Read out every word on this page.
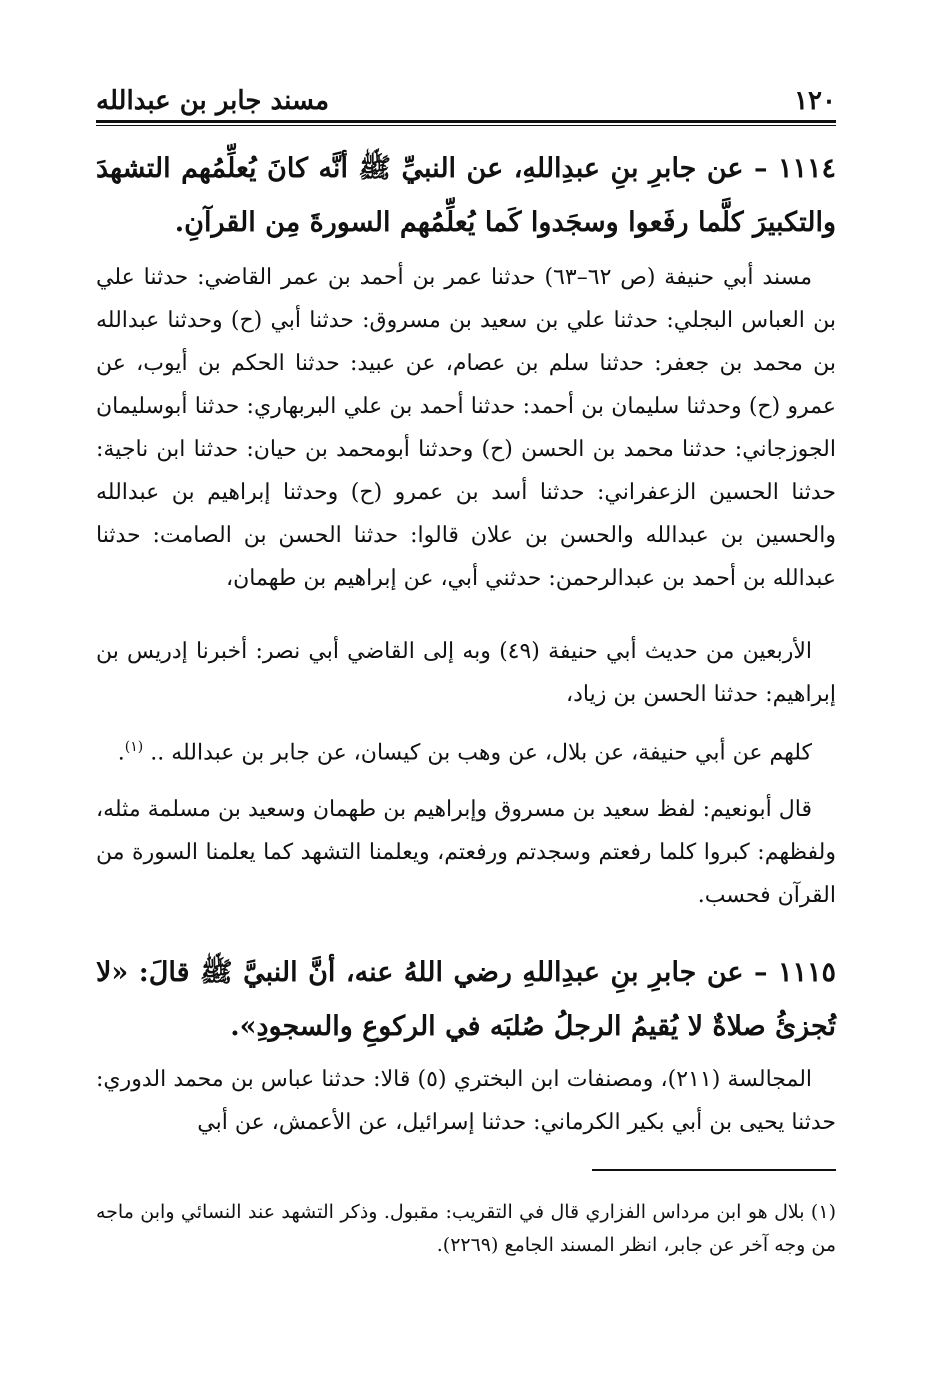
مسند جابر بن عبدالله	١٢٠
١١١٤ – عن جابرِ بنِ عبدِاللهِ، عن النبيِّ ﷺ أنَّه كانَ يُعلِّمُهم التشهدَ والتكبيرَ كلَّما رفَعوا وسجَدوا كَما يُعلِّمُهم السورةَ مِن القرآنِ.
مسند أبي حنيفة (ص ٦٢–٦٣) حدثنا عمر بن أحمد بن عمر القاضي: حدثنا علي بن العباس البجلي: حدثنا علي بن سعيد بن مسروق: حدثنا أبي (ح) وحدثنا عبدالله بن محمد بن جعفر: حدثنا سلم بن عصام، عن عبيد: حدثنا الحكم بن أيوب، عن عمرو (ح) وحدثنا سليمان بن أحمد: حدثنا أحمد بن علي البربهاري: حدثنا أبوسليمان الجوزجاني: حدثنا محمد بن الحسن (ح) وحدثنا أبومحمد بن حيان: حدثنا ابن ناجية: حدثنا الحسين الزعفراني: حدثنا أسد بن عمرو (ح) وحدثنا إبراهيم بن عبدالله والحسين بن عبدالله والحسن بن علان قالوا: حدثنا الحسن بن الصامت: حدثنا عبدالله بن أحمد بن عبدالرحمن: حدثني أبي، عن إبراهيم بن طهمان،
الأربعين من حديث أبي حنيفة (٤٩) وبه إلى القاضي أبي نصر: أخبرنا إدريس بن إبراهيم: حدثنا الحسن بن زياد،
كلهم عن أبي حنيفة، عن بلال، عن وهب بن كيسان، عن جابر بن عبدالله .. $^{(١)}$.
قال أبونعيم: لفظ سعيد بن مسروق وإبراهيم بن طهمان وسعيد بن مسلمة مثله، ولفظهم: كبروا كلما رفعتم وسجدتم ورفعتم، ويعلمنا التشهد كما يعلمنا السورة من القرآن فحسب.
١١١٥ – عن جابرِ بنِ عبدِاللهِ رضي اللهُ عنه، أنَّ النبيَّ ﷺ قالَ: «لا تُجزئُ صلاةٌ لا يُقيمُ الرجلُ صُلبَه في الركوعِ والسجودِ».
المجالسة (٢١١)، ومصنفات ابن البختري (٥) قالا: حدثنا عباس بن محمد الدوري: حدثنا يحيى بن أبي بكير الكرماني: حدثنا إسرائيل، عن الأعمش، عن أبي
(١) بلال هو ابن مرداس الفزاري قال في التقريب: مقبول. وذكر التشهد عند النسائي وابن ماجه من وجه آخر عن جابر، انظر المسند الجامع (٢٢٦٩).
